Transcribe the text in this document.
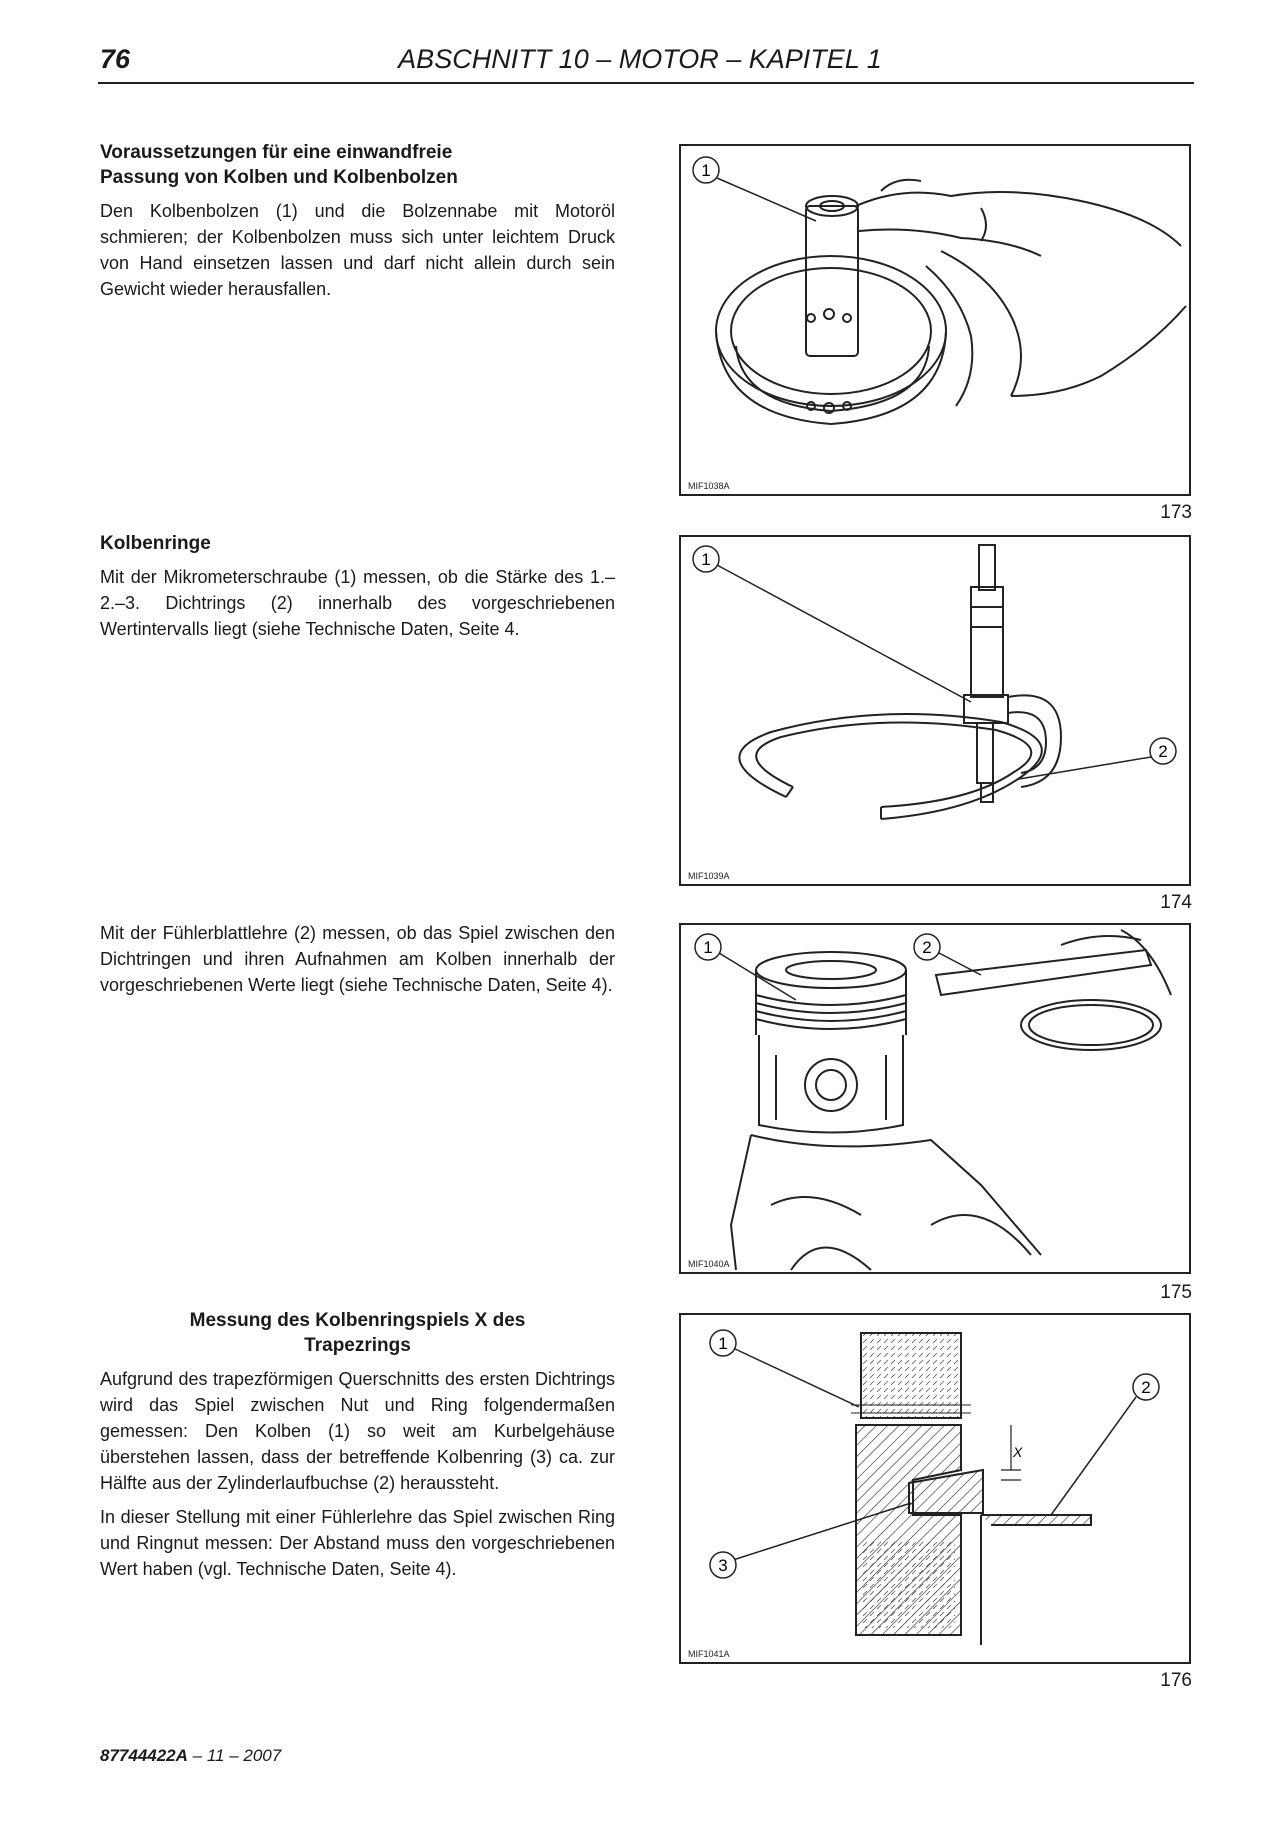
76	ABSCHNITT 10 – MOTOR – KAPITEL 1
Voraussetzungen für eine einwandfreie
Passung von Kolben und Kolbenbolzen

Den Kolbenbolzen (1) und die Bolzennabe mit Motoröl schmieren; der Kolbenbolzen muss sich unter leichtem Druck von Hand einsetzen lassen und darf nicht allein durch sein Gewicht wieder herausfallen.

Kolbenringe

Mit der Mikrometerschraube (1) messen, ob die Stärke des 1.–2.–3. Dichtrings (2) innerhalb des vorgeschriebenen Wertintervalls liegt (siehe Technische Daten, Seite 4.

Mit der Fühlerblattlehre (2) messen, ob das Spiel zwischen den Dichtringen und ihren Aufnahmen am Kolben innerhalb der vorgeschriebenen Werte liegt (siehe Technische Daten, Seite 4).

Messung des Kolbenringspiels X des
Trapezrings

Aufgrund des trapezförmigen Querschnitts des ersten Dichtrings wird das Spiel zwischen Nut und Ring folgendermaßen gemessen: Den Kolben (1) so weit am Kurbelgehäuse überstehen lassen, dass der betreffende Kolbenring (3) ca. zur Hälfte aus der Zylinderlaufbuchse (2) heraussteht.

In dieser Stellung mit einer Fühlerlehre das Spiel zwischen Ring und Ringnut messen: Der Abstand muss den vorgeschriebenen Wert haben (vgl. Technische Daten, Seite 4).

1
MIF1038A
173
1
2
MIF1039A
174
1	2
MIF1040A
175
X
1
2
3
MIF1041A
176
87744422A – 11 – 2007
